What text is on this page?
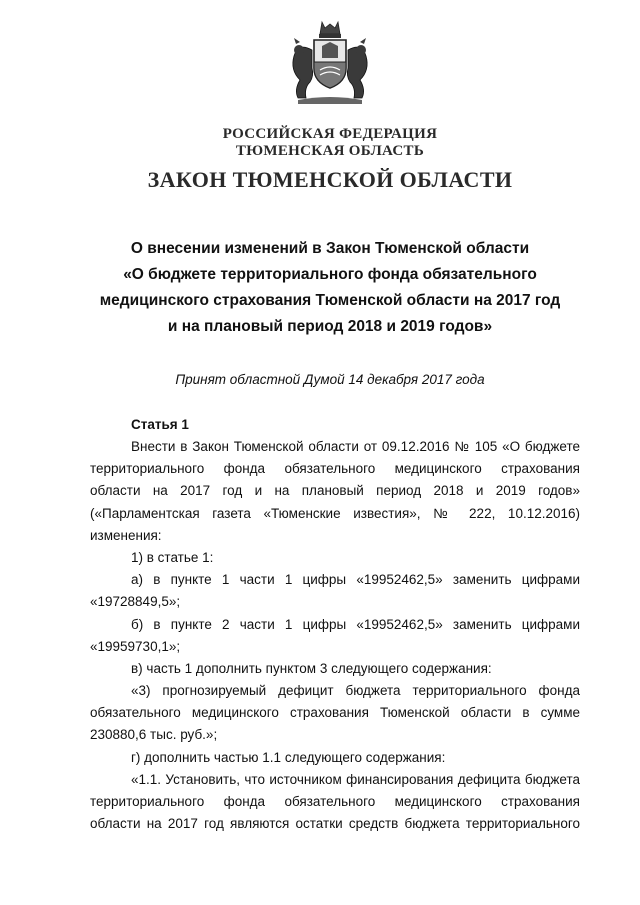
РОССИЙСКАЯ ФЕДЕРАЦИЯ
ТЮМЕНСКАЯ ОБЛАСТЬ
ЗАКОН ТЮМЕНСКОЙ ОБЛАСТИ
О внесении изменений в Закон Тюменской области
«О бюджете территориального фонда обязательного
медицинского страхования Тюменской области на 2017 год
и на плановый период 2018 и 2019 годов»
Принят областной Думой 14 декабря 2017 года
Статья 1
Внести в Закон Тюменской области от 09.12.2016 № 105 «О бюджете
территориального фонда обязательного медицинского страхования
области на 2017 год и на плановый период 2018 и 2019 годов»
(«Парламентская газета «Тюменские известия», № 222, 10.12.2016)
изменения:
1) в статье 1:
а) в пункте 1 части 1 цифры «19952462,5» заменить цифрами
«19728849,5»;
б) в пункте 2 части 1 цифры «19952462,5» заменить цифрами
«19959730,1»;
в) часть 1 дополнить пунктом 3 следующего содержания:
«3) прогнозируемый дефицит бюджета территориального фонда
обязательного медицинского страхования Тюменской области в сумме
230880,6 тыс. руб.»;
г) дополнить частью 1.1 следующего содержания:
«1.1. Установить, что источником финансирования дефицита бюджета
территориального фонда обязательного медицинского страхования
области на 2017 год являются остатки средств бюджета территориального
